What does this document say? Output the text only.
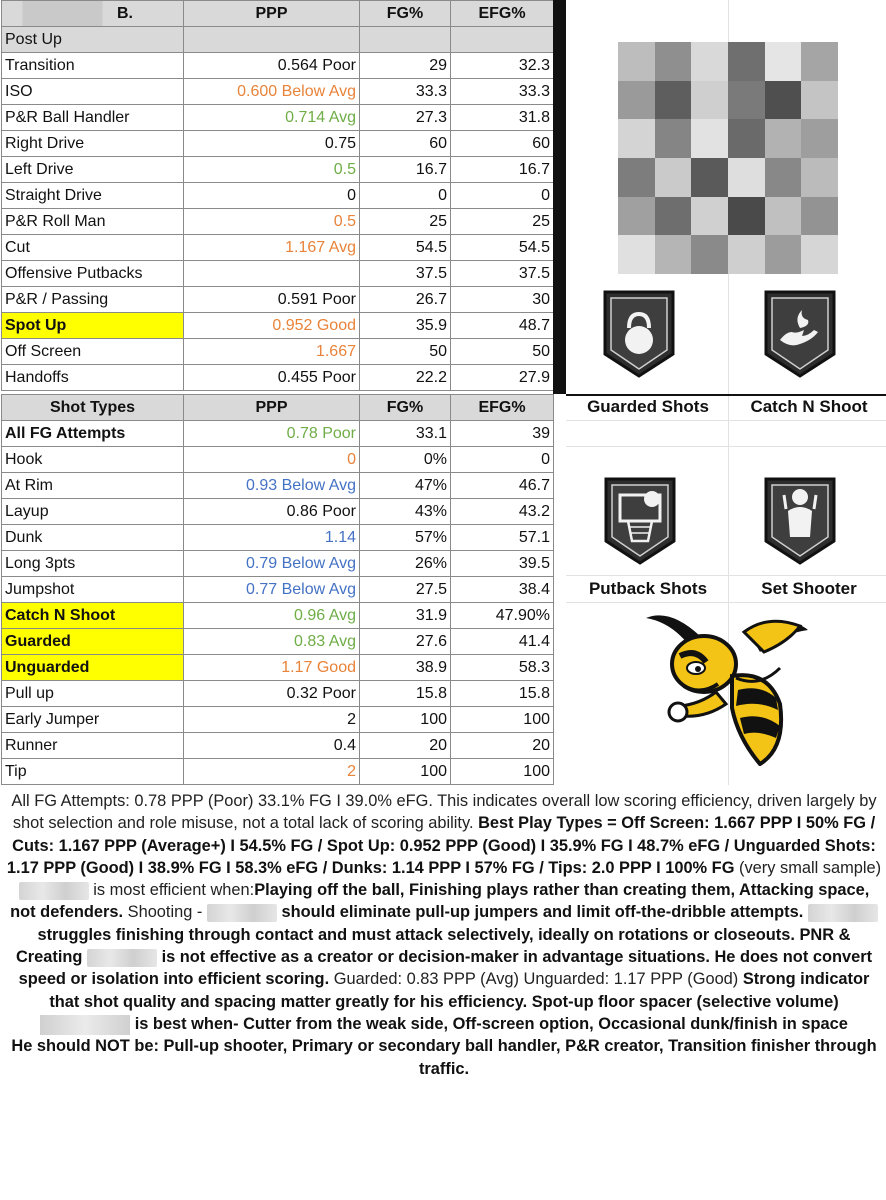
B.	PPP	FG%	EFG%
Post Up			
Transition	0.564 Poor	29	32.3
ISO	0.600 Below Avg	33.3	33.3
P&R Ball Handler	0.714 Avg	27.3	31.8
Right Drive	0.75	60	60
Left Drive	0.5	16.7	16.7
Straight Drive	0	0	0
P&R Roll Man	0.5	25	25
Cut	1.167 Avg	54.5	54.5
Offensive Putbacks		37.5	37.5
P&R / Passing	0.591 Poor	26.7	30
Spot Up	0.952 Good	35.9	48.7
Off Screen	1.667	50	50
Handoffs	0.455 Poor	22.2	27.9
Shot Types	PPP	FG%	EFG%
All FG Attempts	0.78 Poor	33.1	39
Hook	0	0%	0
At Rim	0.93 Below Avg	47%	46.7
Layup	0.86 Poor	43%	43.2
Dunk	1.14	57%	57.1
Long 3pts	0.79 Below Avg	26%	39.5
Jumpshot	0.77 Below Avg	27.5	38.4
Catch N Shoot	0.96 Avg	31.9	47.90%
Guarded	0.83 Avg	27.6	41.4
Unguarded	1.17 Good	38.9	58.3
Pull up	0.32 Poor	15.8	15.8
Early Jumper	2	100	100
Runner	0.4	20	20
Tip	2	100	100
Guarded Shots	Catch N Shoot
Putback Shots	Set Shooter
All FG Attempts: 0.78 PPP (Poor) 33.1% FG I 39.0% eFG. This indicates overall low scoring efficiency, driven largely by shot selection and role misuse, not a total lack of scoring ability. Best Play Types = Off Screen: 1.667 PPP I 50% FG / Cuts: 1.167 PPP (Average+) I 54.5% FG / Spot Up: 0.952 PPP (Good) I 35.9% FG I 48.7% eFG / Unguarded Shots: 1.17 PPP (Good) I 38.9% FG I 58.3% eFG / Dunks: 1.14 PPP I 57% FG / Tips: 2.0 PPP I 100% FG (very small sample)  is most efficient when:Playing off the ball, Finishing plays rather than creating them, Attacking space, not defenders. Shooting -	should eliminate pull-up jumpers and limit off-the-dribble attempts.  struggles finishing through contact and must attack selectively, ideally on rotations or closeouts. PNR & Creating	is not effective as a creator or decision-maker in advantage situations. He does not convert speed or isolation into efficient scoring. Guarded: 0.83 PPP (Avg) Unguarded: 1.17 PPP (Good) Strong indicator that shot quality and spacing matter greatly for his efficiency. Spot-up floor spacer (selective volume)
is best when- Cutter from the weak side, Off-screen option, Occasional dunk/finish in space
He should NOT be: Pull-up shooter, Primary or secondary ball handler, P&R creator, Transition finisher through traffic.
